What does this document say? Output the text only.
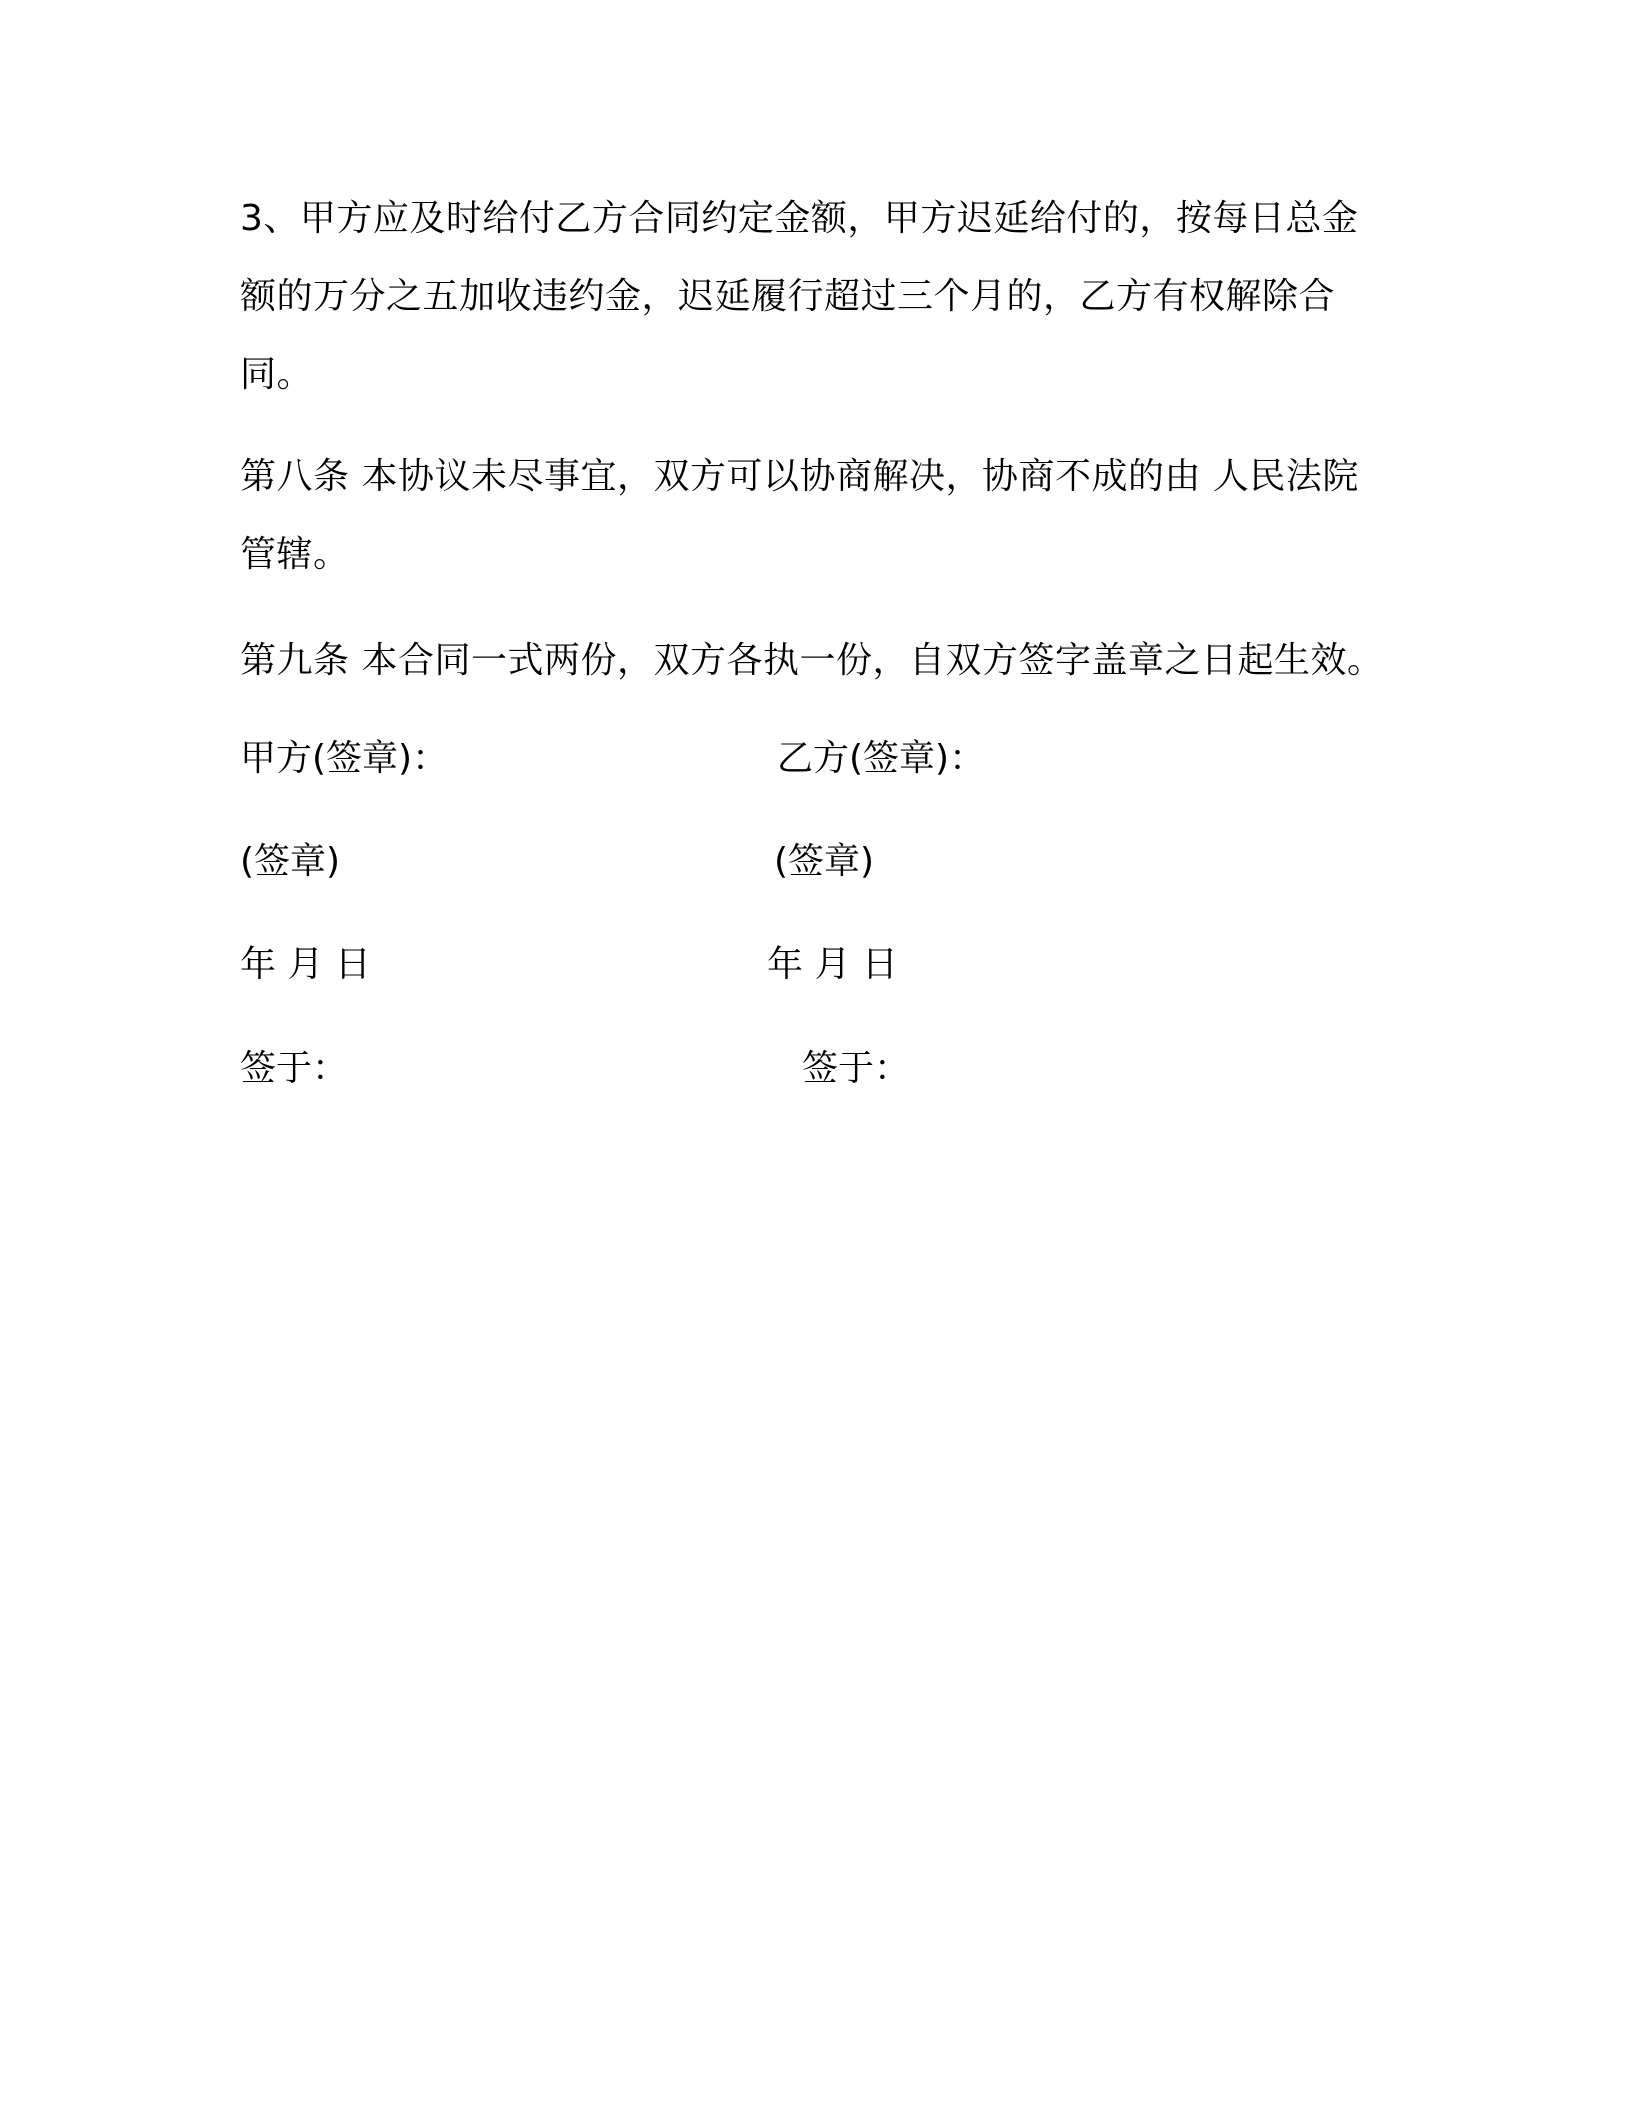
3、甲方应及时给付乙方合同约定金额，甲方迟延给付的，按每日总金额的万分之五加收违约金，迟延履行超过三个月的，乙方有权解除合同。

第八条 本协议未尽事宜，双方可以协商解决，协商不成的由 人民法院管辖。

第九条 本合同一式两份，双方各执一份，自双方签字盖章之日起生效。

甲方(签章)：	乙方(签章)：
(签章)	(签章)
年 月 日	年 月 日
签于：	签于：
